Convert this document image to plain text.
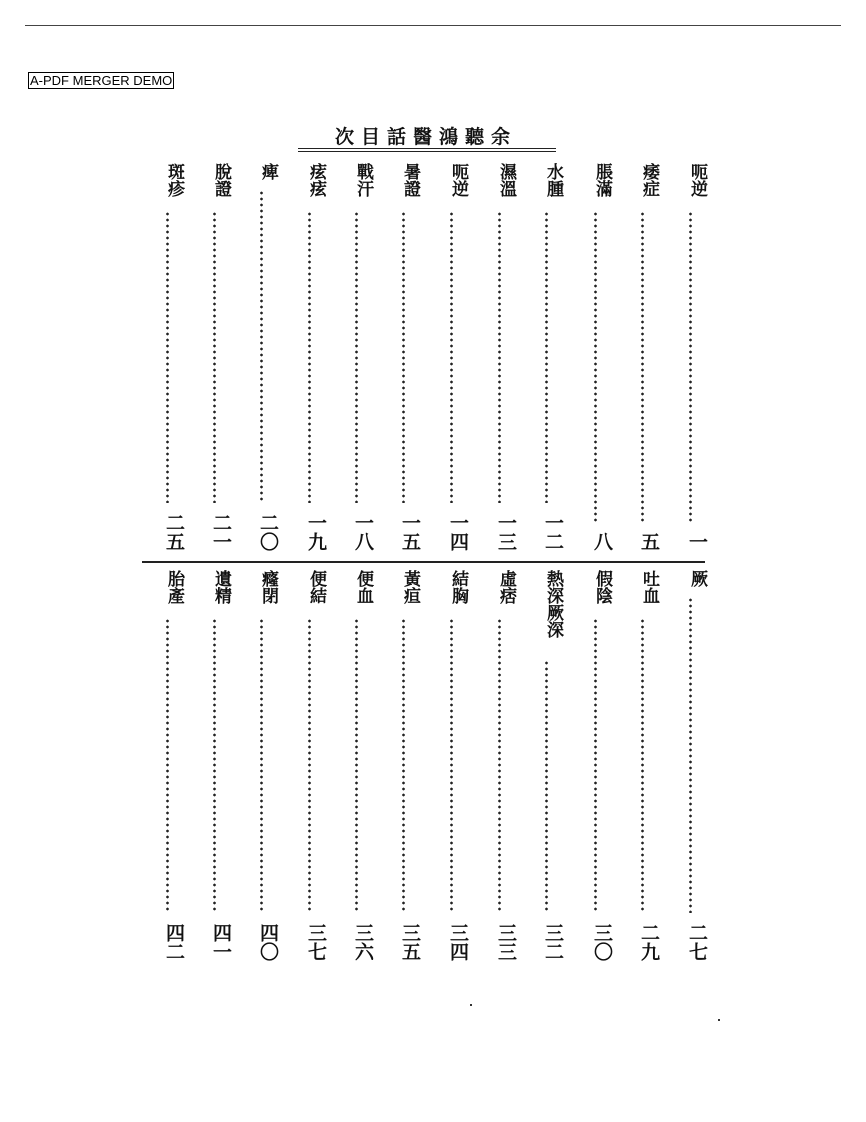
A-PDF MERGER DEMO
余聽鴻醫話目次
呃逆
一
痿症
五
脹滿
八
水腫
一二
濕溫
一三
呃逆
一四
暑證
一五
戰汗
一八
痃痃
一九
痺
二〇
脫證
二一
斑疹
二五
厥
二七
吐血
二九
假陰
三〇
熱深厥深
三二
虛痞
三三
結胸
三四
黃疸
三五
便血
三六
便結
三七
癃閉
四〇
遺精
四一
胎產
四二
